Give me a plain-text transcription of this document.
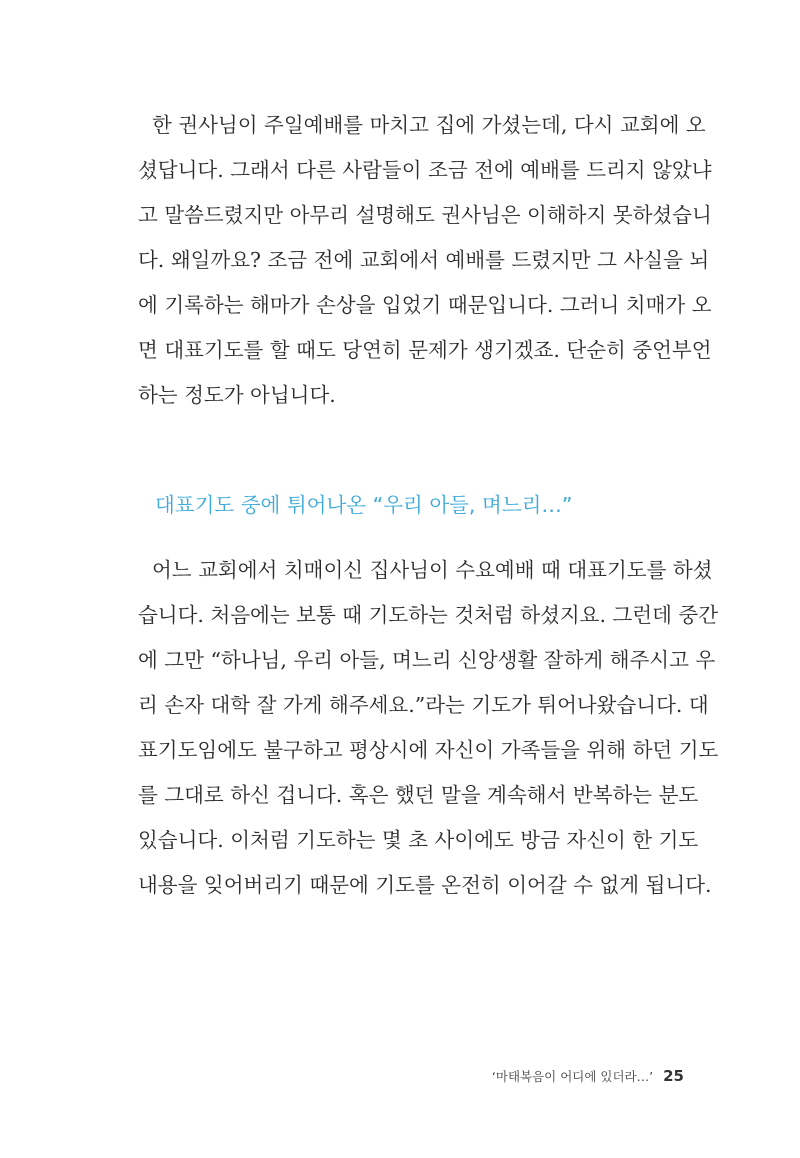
한 권사님이 주일예배를 마치고 집에 가셨는데, 다시 교회에 오
셨답니다. 그래서 다른 사람들이 조금 전에 예배를 드리지 않았냐
고 말씀드렸지만 아무리 설명해도 권사님은 이해하지 못하셨습니
다. 왜일까요? 조금 전에 교회에서 예배를 드렸지만 그 사실을 뇌
에 기록하는 해마가 손상을 입었기 때문입니다. 그러니 치매가 오
면 대표기도를 할 때도 당연히 문제가 생기겠죠. 단순히 중언부언
하는 정도가 아닙니다.

대표기도 중에 튀어나온 “우리 아들, 며느리…”

어느 교회에서 치매이신 집사님이 수요예배 때 대표기도를 하셨
습니다. 처음에는 보통 때 기도하는 것처럼 하셨지요. 그런데 중간
에 그만 “하나님, 우리 아들, 며느리 신앙생활 잘하게 해주시고 우
리 손자 대학 잘 가게 해주세요.”라는 기도가 튀어나왔습니다. 대
표기도임에도 불구하고 평상시에 자신이 가족들을 위해 하던 기도
를 그대로 하신 겁니다. 혹은 했던 말을 계속해서 반복하는 분도
있습니다. 이처럼 기도하는 몇 초 사이에도 방금 자신이 한 기도
내용을 잊어버리기 때문에 기도를 온전히 이어갈 수 없게 됩니다.

‘마태복음이 어디에 있더라…’ 25
